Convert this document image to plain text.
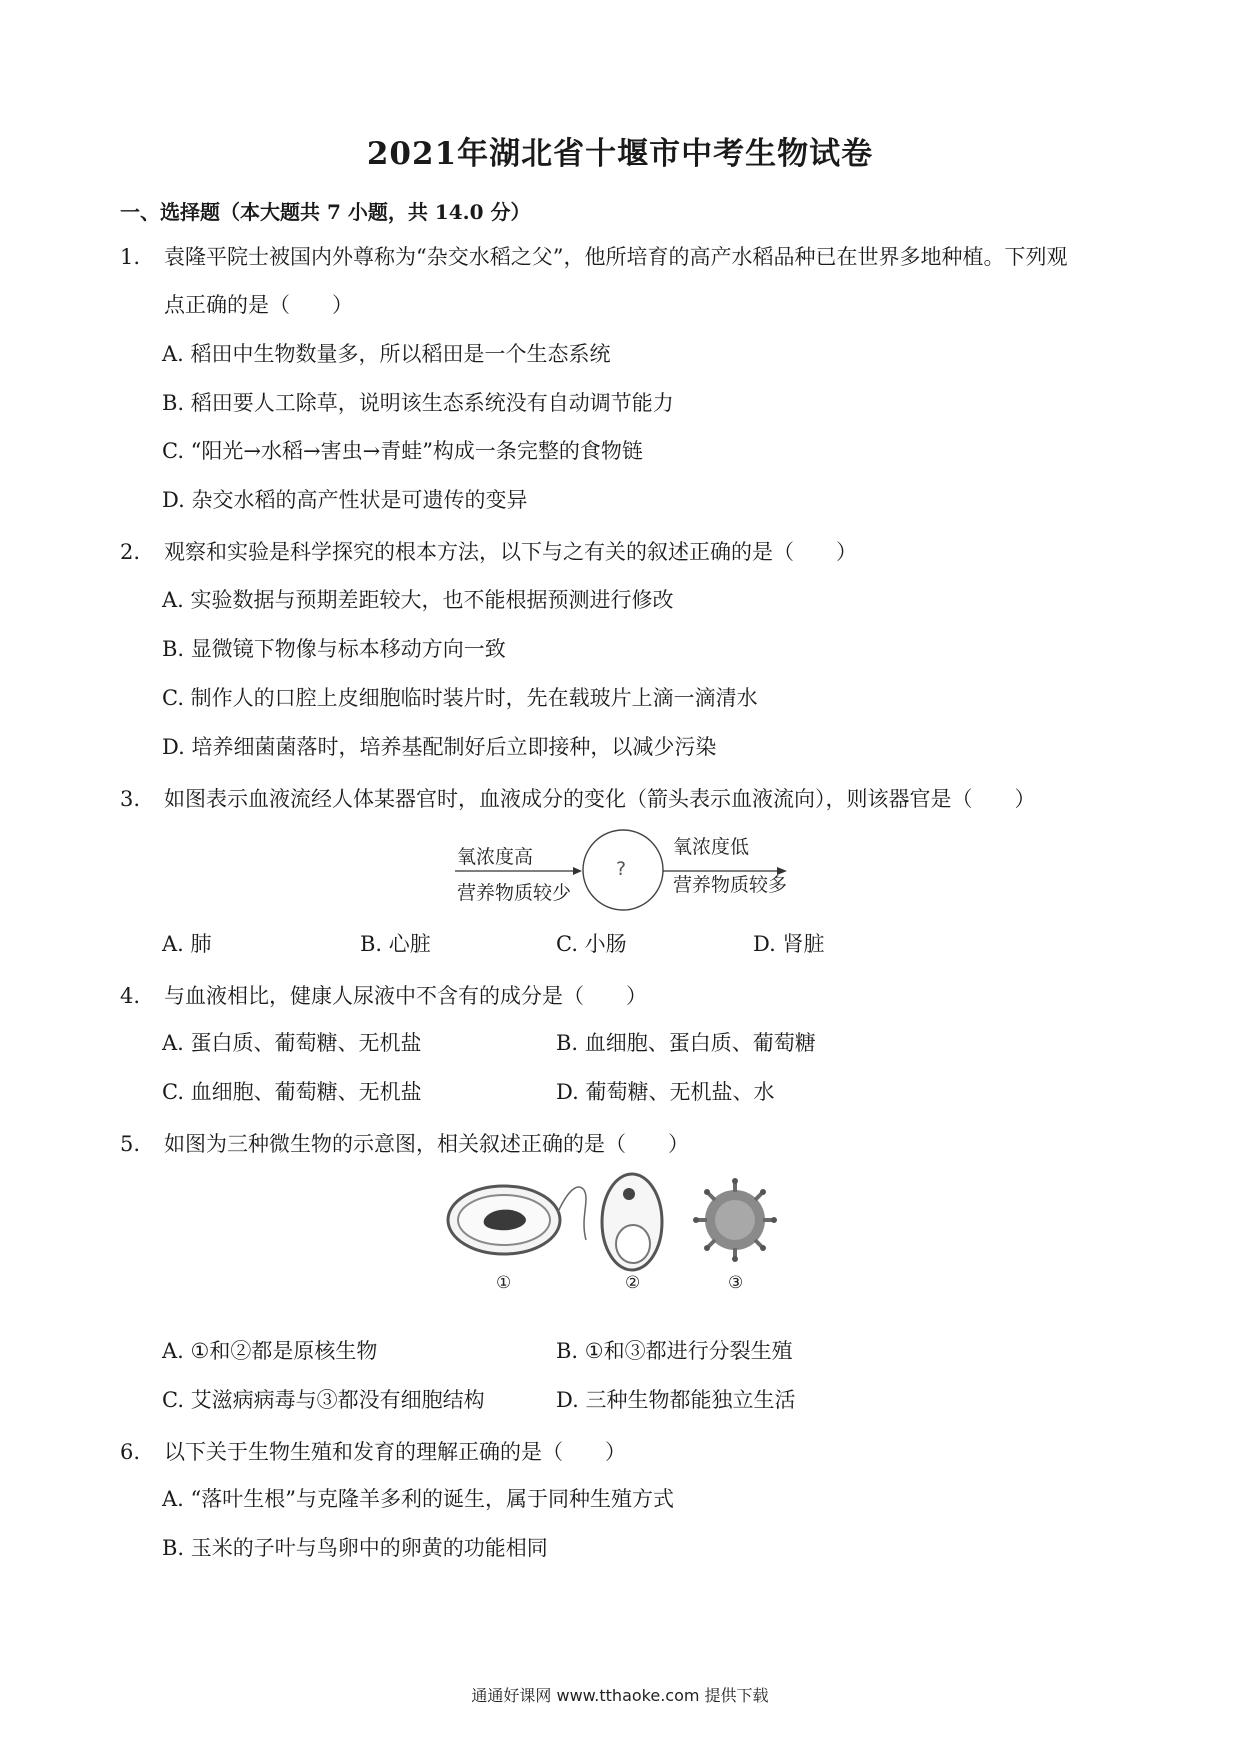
2021年湖北省十堰市中考生物试卷
一、选择题（本大题共 7 小题，共 14.0 分）
1.	袁隆平院士被国内外尊称为“杂交水稻之父”，他所培育的高产水稻品种已在世界多地种植。下列观
点正确的是（　　）
A. 稻田中生物数量多，所以稻田是一个生态系统
B. 稻田要人工除草，说明该生态系统没有自动调节能力
C. “阳光→水稻→害虫→青蛙”构成一条完整的食物链
D. 杂交水稻的高产性状是可遗传的变异
2.	观察和实验是科学探究的根本方法，以下与之有关的叙述正确的是（　　）
A. 实验数据与预期差距较大，也不能根据预测进行修改
B. 显微镜下物像与标本移动方向一致
C. 制作人的口腔上皮细胞临时装片时，先在载玻片上滴一滴清水
D. 培养细菌菌落时，培养基配制好后立即接种，以减少污染
3.	如图表示血液流经人体某器官时，血液成分的变化（箭头表示血液流向），则该器官是（　　）
氧浓度高
营养物质较少
?
氧浓度低
营养物质较多
A. 肺	B. 心脏	C. 小肠	D. 肾脏
4.	与血液相比，健康人尿液中不含有的成分是（　　）
A. 蛋白质、葡萄糖、无机盐	B. 血细胞、蛋白质、葡萄糖
C. 血细胞、葡萄糖、无机盐	D. 葡萄糖、无机盐、水
5.	如图为三种微生物的示意图，相关叙述正确的是（　　）
①	②	③
A. ①和②都是原核生物	B. ①和③都进行分裂生殖
C. 艾滋病病毒与③都没有细胞结构	D. 三种生物都能独立生活
6.	以下关于生物生殖和发育的理解正确的是（　　）
A. “落叶生根”与克隆羊多利的诞生，属于同种生殖方式
B. 玉米的子叶与鸟卵中的卵黄的功能相同
通通好课网 www.tthaoke.com 提供下载
